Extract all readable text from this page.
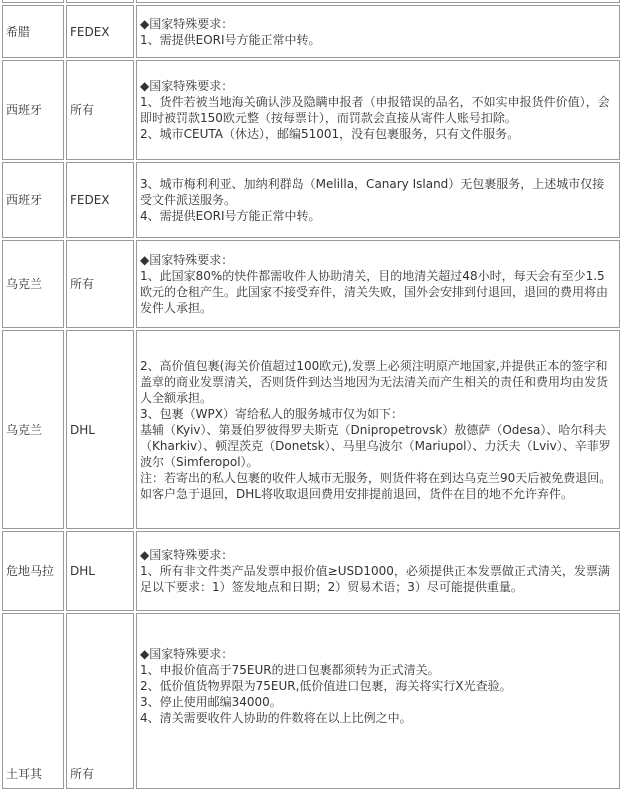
希腊	FEDEX	◆国家特殊要求：
1、需提供EORI号方能正常中转。

西班牙	所有	◆国家特殊要求：
1、货件若被当地海关确认涉及隐瞒申报者（申报错误的品名，不如实申报货件价值），会即时被罚款150欧元整（按每票计），而罚款会直接从寄件人账号扣除。
2、城市CEUTA（休达），邮编51001，没有包裹服务，只有文件服务。

西班牙	FEDEX	3、城市梅利利亚、加纳利群岛（Melilla，Canary Island）无包裹服务，上述城市仅接受文件派送服务。
4、需提供EORI号方能正常中转。

乌克兰	所有	◆国家特殊要求：
1、此国家80%的快件都需收件人协助清关，目的地清关超过48小时，每天会有至少1.5欧元的仓租产生。此国家不接受弃件，清关失败，国外会安排到付退回，退回的费用将由发件人承担。

乌克兰	DHL	2、高价值包裹(海关价值超过100欧元),发票上必须注明原产地国家,并提供正本的签字和盖章的商业发票清关，否则货件到达当地因为无法清关而产生相关的责任和费用均由发货人全额承担。
3、包裹（WPX）寄给私人的服务城市仅为如下：
基辅（Kyiv）、第聂伯罗彼得罗夫斯克（Dnipropetrovsk）敖德萨（Odesa）、哈尔科夫（Kharkiv）、顿涅茨克（Donetsk）、马里乌波尔（Mariupol）、力沃夫（Lviv）、辛菲罗波尔（Simferopol）。
注：若寄出的私人包裹的收件人城市无服务，则货件将在到达乌克兰90天后被免费退回。如客户急于退回，DHL将收取退回费用安排提前退回，货件在目的地不允许弃件。

危地马拉	DHL	◆国家特殊要求：
1、所有非文件类产品发票申报价值≥USD1000，必须提供正本发票做正式清关，发票满足以下要求：1）签发地点和日期；2）贸易术语；3）尽可能提供重量。

土耳其	所有	◆国家特殊要求：
1、申报价值高于75EUR的进口包裹都须转为正式清关。
2、低价值货物界限为75EUR,低价值进口包裹，海关将实行X光查验。
3、停止使用邮编34000。
4、清关需要收件人协助的件数将在以上比例之中。
